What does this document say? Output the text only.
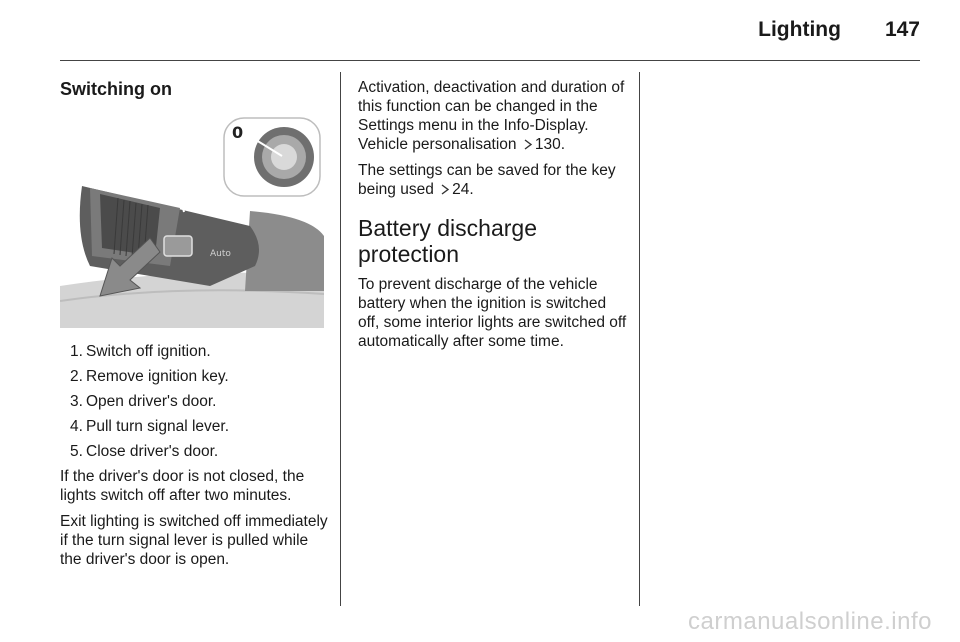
Lighting 147
Switching on
Auto
0
1. Switch off ignition.
2. Remove ignition key.
3. Open driver's door.
4. Pull turn signal lever.
5. Close driver's door.

If the driver's door is not closed, the lights switch off after two minutes.

Exit lighting is switched off immediately if the turn signal lever is pulled while the driver's door is open.

Activation, deactivation and duration of this function can be changed in the Settings menu in the Info-Display. Vehicle personalisation 130.

The settings can be saved for the key being used 24.

Battery discharge protection

To prevent discharge of the vehicle battery when the ignition is switched off, some interior lights are switched off automatically after some time.

carmanualsonline.info
